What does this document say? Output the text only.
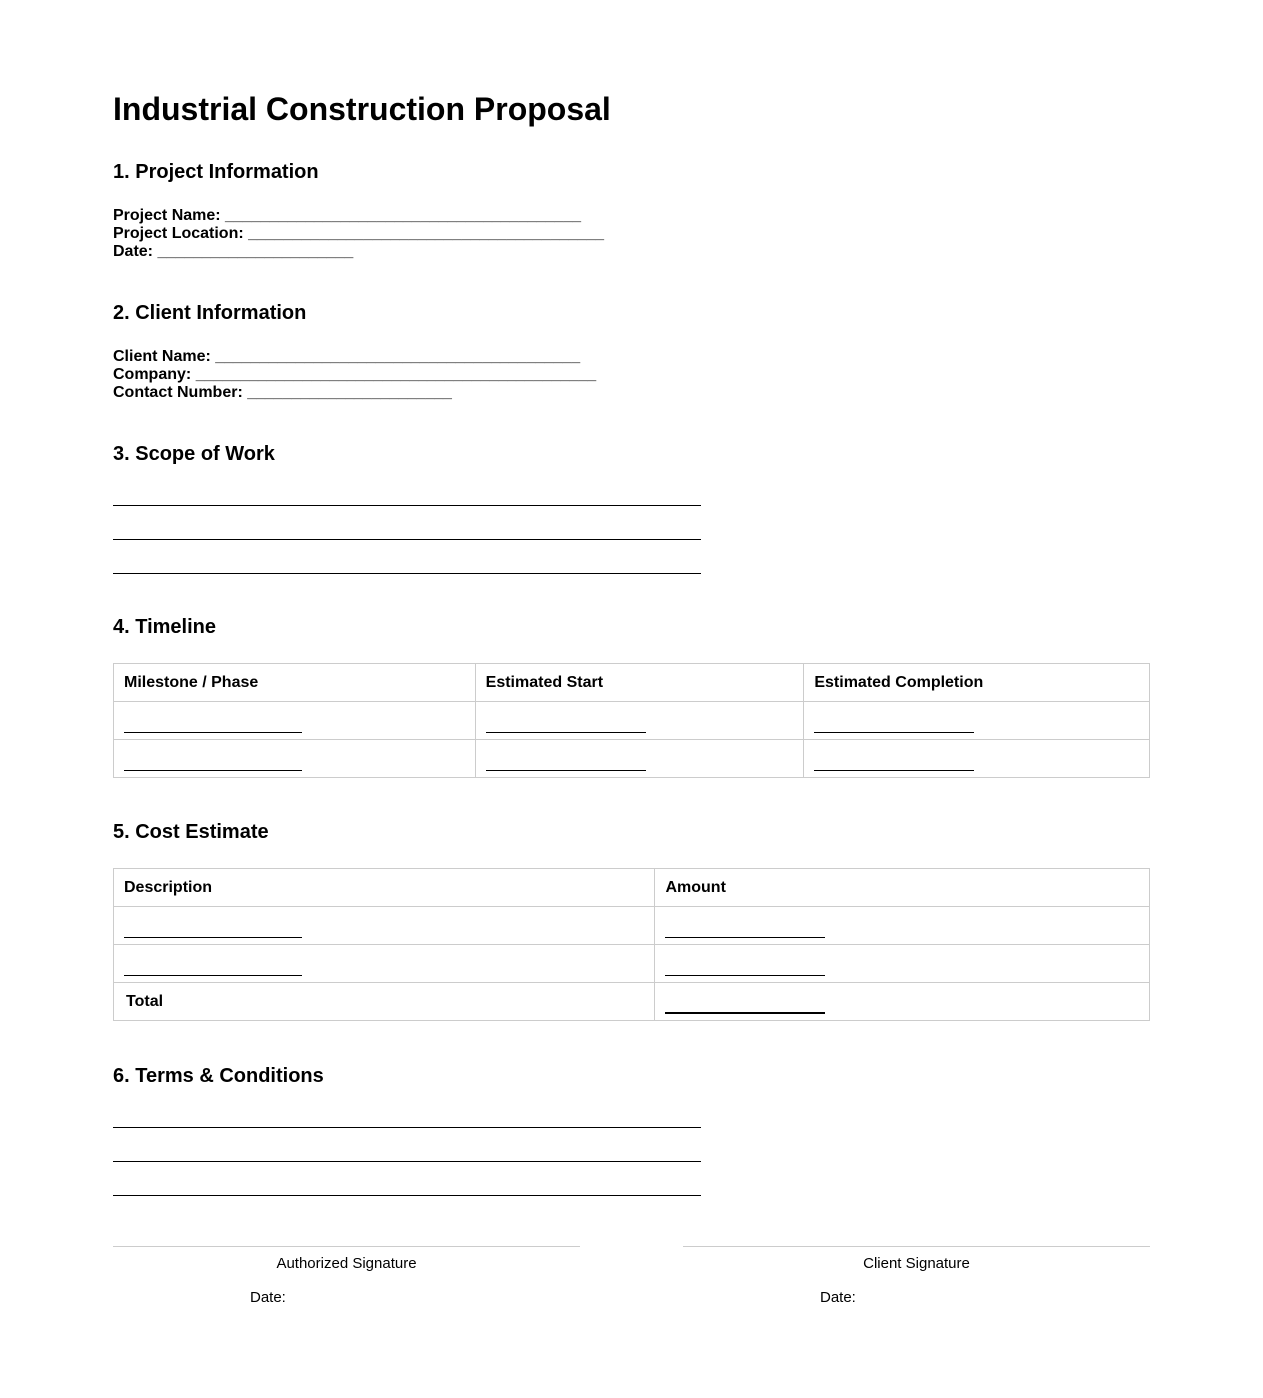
Industrial Construction Proposal
1. Project Information
Project Name: ________________________________________
Project Location: ________________________________________
Date: ______________________
2. Client Information
Client Name: _________________________________________
Company: _____________________________________________
Contact Number: _______________________
3. Scope of Work
4. Timeline
Milestone / Phase	Estimated Start	Estimated Completion

5. Cost Estimate
Description	Amount

Total	
6. Terms & Conditions
Authorized Signature
Date:
Client Signature
Date:
